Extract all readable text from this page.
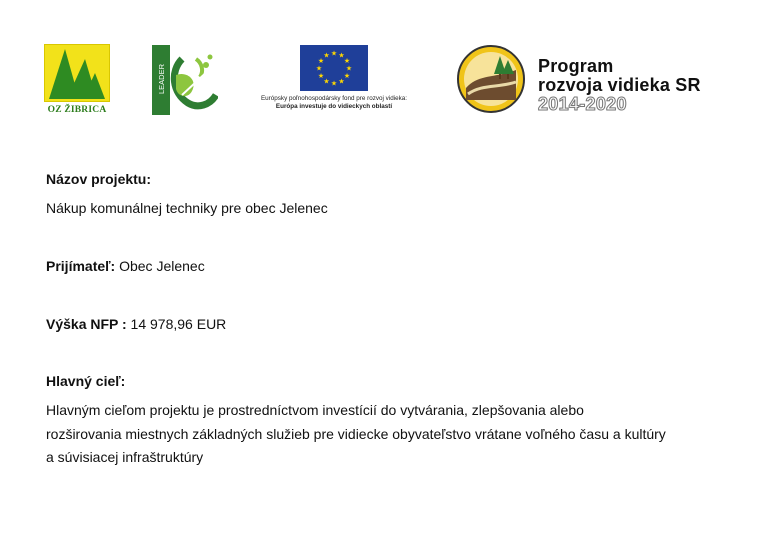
OZ ŽIBRICA
LEADER
★ ★
★
★
★
★
★
★
★
★
★
★
Európsky poľnohospodársky fond pre rozvoj vidieka:
Európa investuje do vidieckych oblastí
Program
rozvoja vidieka SR
2014-2020
Názov projektu:
Nákup komunálnej techniky pre obec Jelenec
Prijímateľ: Obec Jelenec
Výška NFP : 14 978,96 EUR
Hlavný cieľ:
Hlavným cieľom projektu je prostredníctvom investícií do vytvárania, zlepšovania alebo
rozširovania miestnych základných služieb pre vidiecke obyvateľstvo vrátane voľného času a kultúry
a súvisiacej infraštruktúry
